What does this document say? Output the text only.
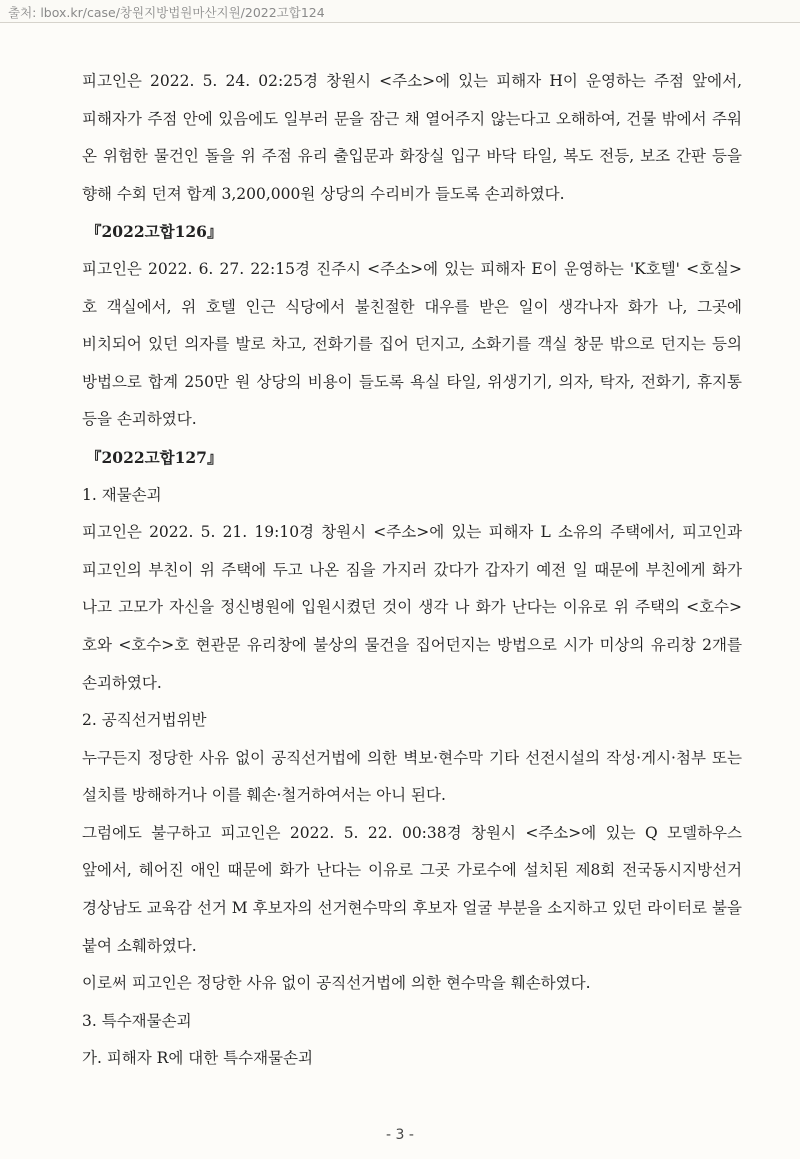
출처: lbox.kr/case/창원지방법원마산지원/2022고합124

피고인은 2022. 5. 24. 02:25경 창원시 <주소>에 있는 피해자 H이 운영하는 주점 앞에서, 피해자가 주점 안에 있음에도 일부러 문을 잠근 채 열어주지 않는다고 오해하여, 건물 밖에서 주워 온 위험한 물건인 돌을 위 주점 유리 출입문과 화장실 입구 바닥 타일, 복도 전등, 보조 간판 등을 향해 수회 던져 합계 3,200,000원 상당의 수리비가 들도록 손괴하였다.

『2022고합126』

피고인은 2022. 6. 27. 22:15경 진주시 <주소>에 있는 피해자 E이 운영하는 'K호텔' <호실>호 객실에서, 위 호텔 인근 식당에서 불친절한 대우를 받은 일이 생각나자 화가 나, 그곳에 비치되어 있던 의자를 발로 차고, 전화기를 집어 던지고, 소화기를 객실 창문 밖으로 던지는 등의 방법으로 합계 250만 원 상당의 비용이 들도록 욕실 타일, 위생기기, 의자, 탁자, 전화기, 휴지통 등을 손괴하였다.

『2022고합127』

1. 재물손괴

피고인은 2022. 5. 21. 19:10경 창원시 <주소>에 있는 피해자 L 소유의 주택에서, 피고인과 피고인의 부친이 위 주택에 두고 나온 짐을 가지러 갔다가 갑자기 예전 일 때문에 부친에게 화가 나고 고모가 자신을 정신병원에 입원시켰던 것이 생각 나 화가 난다는 이유로 위 주택의 <호수>호와 <호수>호 현관문 유리창에 불상의 물건을 집어던지는 방법으로 시가 미상의 유리창 2개를 손괴하였다.

2. 공직선거법위반

누구든지 정당한 사유 없이 공직선거법에 의한 벽보·현수막 기타 선전시설의 작성·게시·첨부 또는 설치를 방해하거나 이를 훼손·철거하여서는 아니 된다.

그럼에도 불구하고 피고인은 2022. 5. 22. 00:38경 창원시 <주소>에 있는 Q 모델하우스 앞에서, 헤어진 애인 때문에 화가 난다는 이유로 그곳 가로수에 설치된 제8회 전국동시지방선거 경상남도 교육감 선거 M 후보자의 선거현수막의 후보자 얼굴 부분을 소지하고 있던 라이터로 불을 붙여 소훼하였다.

이로써 피고인은 정당한 사유 없이 공직선거법에 의한 현수막을 훼손하였다.

3. 특수재물손괴

가. 피해자 R에 대한 특수재물손괴

- 3 -
